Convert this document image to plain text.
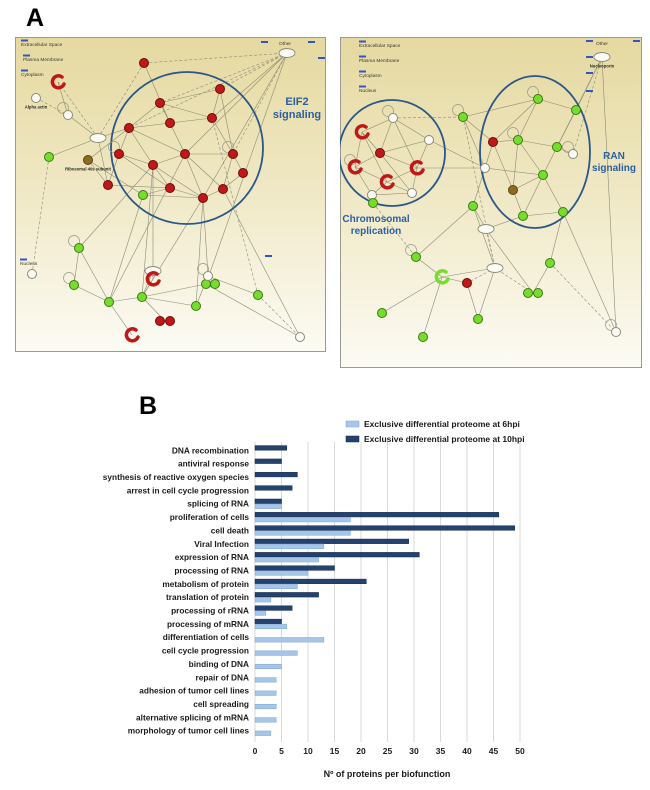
A
B
Alpha actin
Ribosomal 40s subunit
Extracellular Space
Plasma Membrane
Cytoplasm
Nucleus
Other
EIF2
signaling
Nucleoporin
Extracellular Space
Plasma Membrane
Cytoplasm
Nucleus
Other
Chromosomal
replication
RAN
signaling
DNA recombination
antiviral response
synthesis of reactive oxygen species
arrest in cell cycle progression
splicing of RNA
proliferation of cells
cell death
Viral Infection
expression of RNA
processing of RNA
metabolism of protein
translation of protein
processing of rRNA
processing of mRNA
differentiation of cells
cell cycle progression
binding of DNA
repair of DNA
adhesion of tumor cell lines
cell spreading
alternative splicing of mRNA
morphology of tumor cell lines
0	5 10 15 20 25 30 35 40 45 50
Nº of proteins per biofunction
Exclusive differential proteome at 6hpi
Exclusive differential proteome at 10hpi
